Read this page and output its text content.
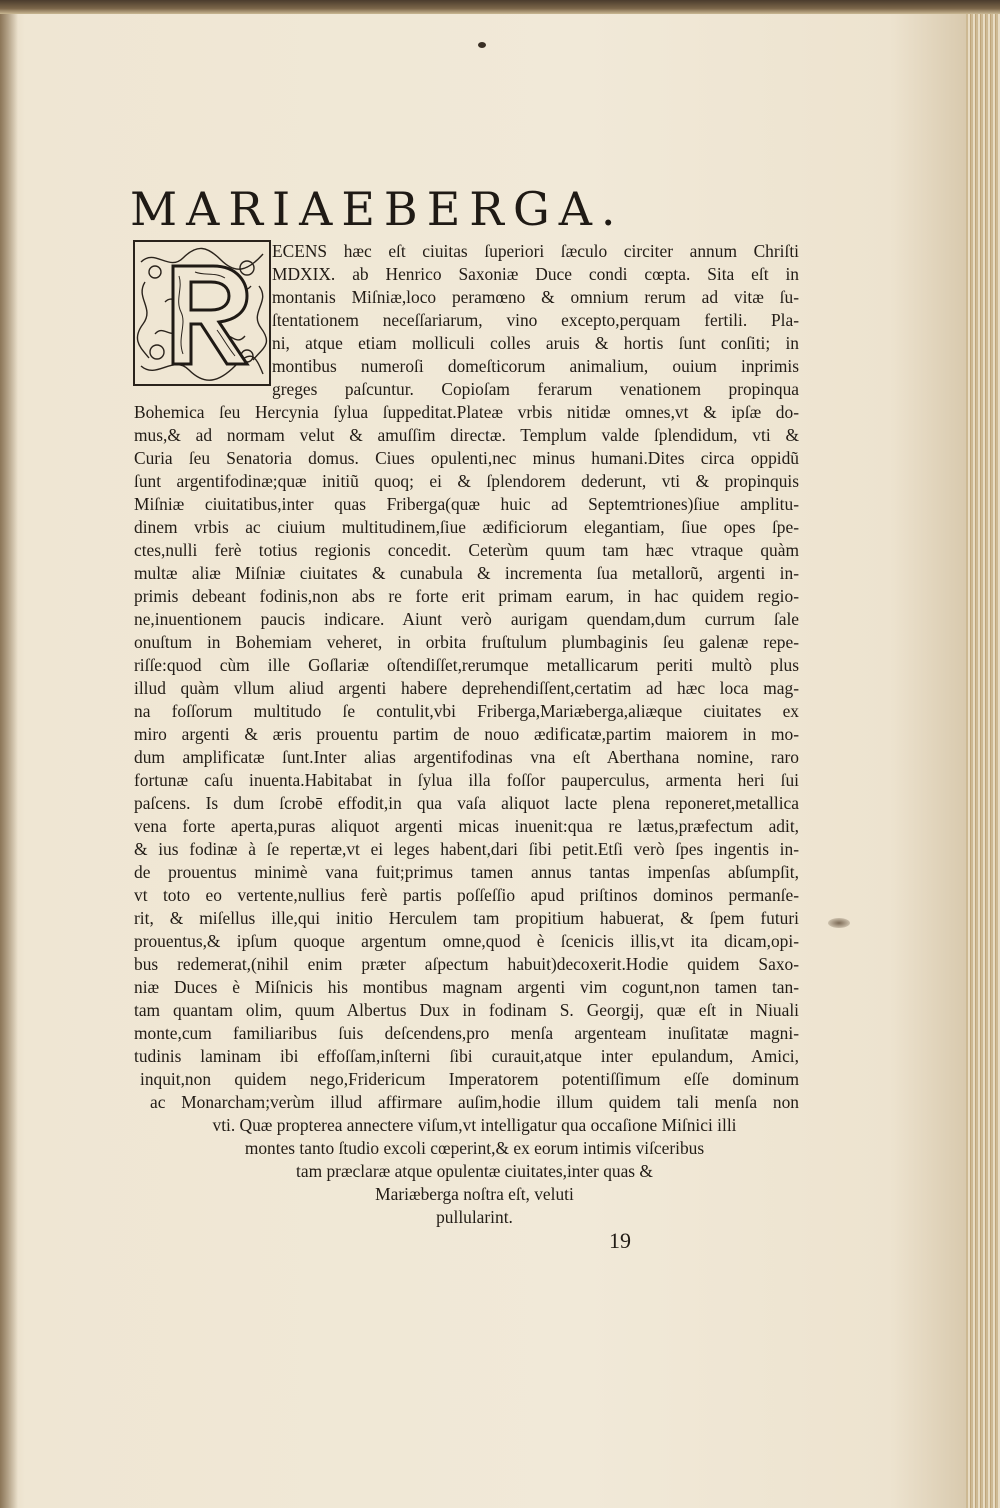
MARIAEBERGA.

ECENS hæc eſt ciuitas ſuperiori ſæculo circiter annum Chriſti

MDXIX. ab Henrico Saxoniæ Duce condi cœpta. Sita eſt in

montanis Miſniæ,loco peramœno & omnium rerum ad vitæ ſu-

ſtentationem neceſſariarum, vino excepto,perquam fertili. Pla-

ni, atque etiam molliculi colles aruis & hortis ſunt conſiti; in

montibus numeroſi domeſticorum animalium, ouium inprimis

greges paſcuntur. Copioſam ferarum venationem propinqua

Bohemica ſeu Hercynia ſylua ſuppeditat.Plateæ vrbis nitidæ omnes,vt & ipſæ do-

mus,& ad normam velut & amuſſim directæ. Templum valde ſplendidum, vti &

Curia ſeu Senatoria domus. Ciues opulenti,nec minus humani.Dites circa oppidũ

ſunt argentifodinæ;quæ initiũ quoq; ei & ſplendorem dederunt, vti & propinquis

Miſniæ ciuitatibus,inter quas Friberga(quæ huic ad Septemtriones)ſiue amplitu-

dinem vrbis ac ciuium multitudinem,ſiue ædificiorum elegantiam, ſiue opes ſpe-

ctes,nulli ferè totius regionis concedit. Ceterùm quum tam hæc vtraque quàm

multæ aliæ Miſniæ ciuitates & cunabula & incrementa ſua metallorũ, argenti in-

primis debeant fodinis,non abs re forte erit primam earum, in hac quidem regio-

ne,inuentionem paucis indicare. Aiunt verò aurigam quendam,dum currum ſale

onuſtum in Bohemiam veheret, in orbita fruſtulum plumbaginis ſeu galenæ repe-

riſſe:quod cùm ille Goſlariæ oſtendiſſet,rerumque metallicarum periti multò plus

illud quàm vllum aliud argenti habere deprehendiſſent,certatim ad hæc loca mag-

na foſſorum multitudo ſe contulit,vbi Friberga,Mariæberga,aliæque ciuitates ex

miro argenti & æris prouentu partim de nouo ædificatæ,partim maiorem in mo-

dum amplificatæ ſunt.Inter alias argentifodinas vna eſt Aberthana nomine, raro

fortunæ caſu inuenta.Habitabat in ſylua illa foſſor pauperculus, armenta heri ſui

paſcens. Is dum ſcrobē effodit,in qua vaſa aliquot lacte plena reponeret,metallica

vena forte aperta,puras aliquot argenti micas inuenit:qua re lætus,præfectum adit,

& ius fodinæ à ſe repertæ,vt ei leges habent,dari ſibi petit.Etſi verò ſpes ingentis in-

de prouentus minimè vana fuit;primus tamen annus tantas impenſas abſumpſit,

vt toto eo vertente,nullius ferè partis poſſeſſio apud priſtinos dominos permanſe-

rit, & miſellus ille,qui initio Herculem tam propitium habuerat, & ſpem futuri

prouentus,& ipſum quoque argentum omne,quod è ſcenicis illis,vt ita dicam,opi-

bus redemerat,(nihil enim præter aſpectum habuit)decoxerit.Hodie quidem Saxo-

niæ Duces è Miſnicis his montibus magnam argenti vim cogunt,non tamen tan-

tam quantam olim, quum Albertus Dux in fodinam S. Georgij, quæ eſt in Niuali

monte,cum familiaribus ſuis deſcendens,pro menſa argenteam inuſitatæ magni-

tudinis laminam ibi effoſſam,inſterni ſibi curauit,atque inter epulandum, Amici,

inquit,non quidem nego,Fridericum Imperatorem potentiſſimum eſſe dominum

ac Monarcham;verùm illud affirmare auſim,hodie illum quidem tali menſa non

vti. Quæ propterea annectere viſum,vt intelligatur qua occaſione Miſnici illi

montes tanto ſtudio excoli cœperint,& ex eorum intimis viſceribus

tam præclaræ atque opulentæ ciuitates,inter quas &

Mariæberga noſtra eſt, veluti

pullularint.

19
